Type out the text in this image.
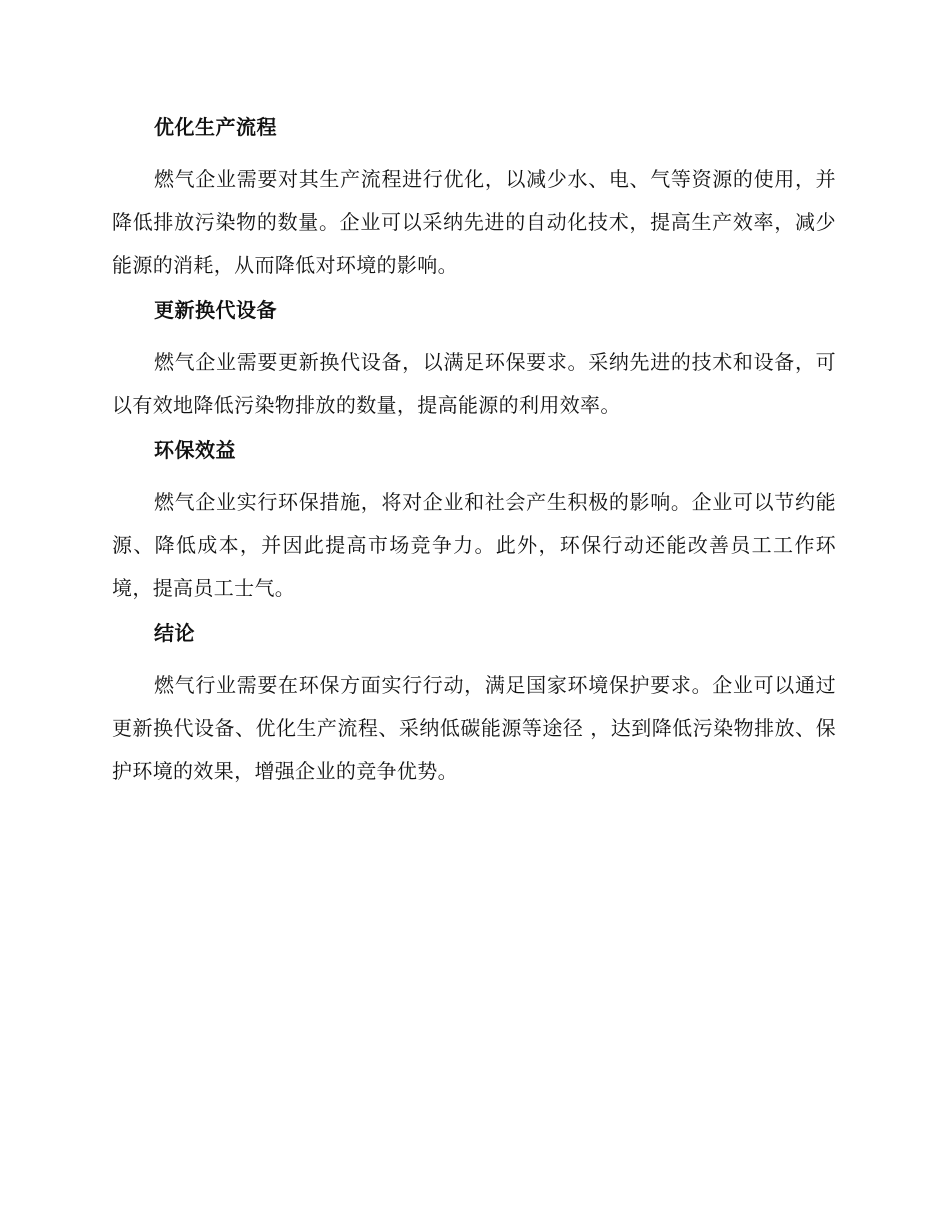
优化生产流程

燃气企业需要对其生产流程进行优化，以减少水、电、气等资源的使用，并降低排放污染物的数量。企业可以采纳先进的自动化技术，提高生产效率，减少能源的消耗，从而降低对环境的影响。

更新换代设备

燃气企业需要更新换代设备，以满足环保要求。采纳先进的技术和设备，可以有效地降低污染物排放的数量，提高能源的利用效率。

环保效益

燃气企业实行环保措施，将对企业和社会产生积极的影响。企业可以节约能源、降低成本，并因此提高市场竞争力。此外，环保行动还能改善员工工作环境，提高员工士气。

结论

燃气行业需要在环保方面实行行动，满足国家环境保护要求。企业可以通过更新换代设备、优化生产流程、采纳低碳能源等途径 ，达到降低污染物排放、保护环境的效果，增强企业的竞争优势。
